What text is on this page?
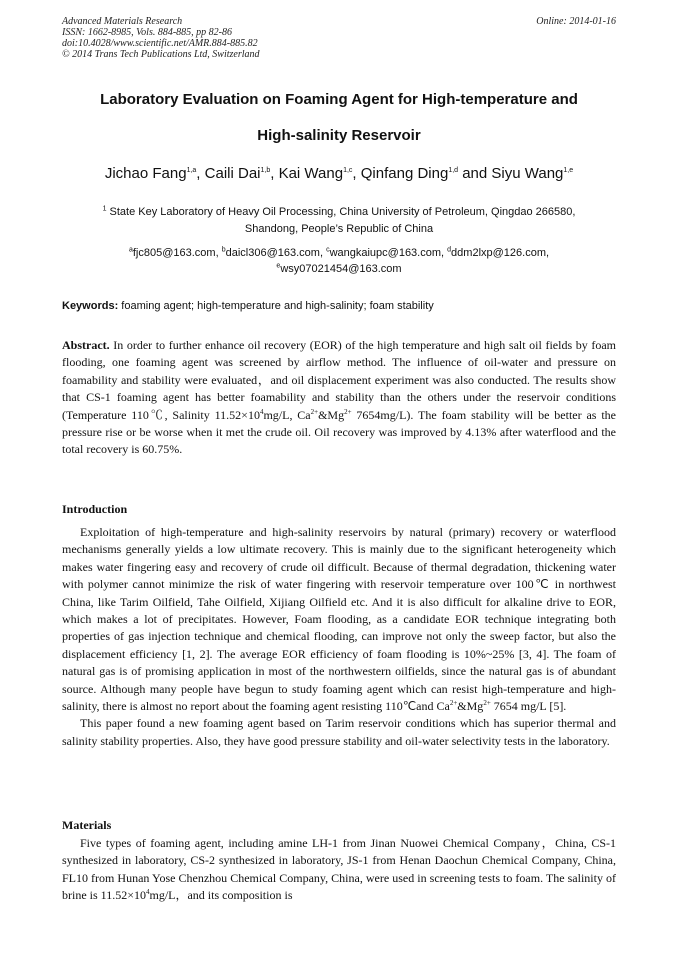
Advanced Materials Research
ISSN: 1662-8985, Vols. 884-885, pp 82-86
doi:10.4028/www.scientific.net/AMR.884-885.82
© 2014 Trans Tech Publications Ltd, Switzerland
Online: 2014-01-16
Laboratory Evaluation on Foaming Agent for High-temperature and
High-salinity Reservoir
Jichao Fang$^{1,a}$, Caili Dai$^{1,b}$, Kai Wang$^{1,c}$, Qinfang Ding$^{1,d}$ and Siyu Wang$^{1,e}$
$^1$ State Key Laboratory of Heavy Oil Processing, China University of Petroleum, Qingdao 266580,
Shandong, People’s Republic of China
$^a$fjc805@163.com, $^b$daicl306@163.com, $^c$wangkaiupc@163.com, $^d$ddm2lxp@126.com,
$^e$wsy07021454@163.com
Keywords: foaming agent; high-temperature and high-salinity; foam stability

Abstract. In order to further enhance oil recovery (EOR) of the high temperature and high salt oil fields by foam flooding, one foaming agent was screened by airflow method. The influence of oil-water and pressure on foamability and stability were evaluated，and oil displacement experiment was also conducted. The results show that CS-1 foaming agent has better foamability and stability than the others under the reservoir conditions (Temperature 110℃, Salinity $11.52\times 10^4mg/L$, $Ca^{2+}\&Mg^{2+}$ 7654mg/L). The foam stability will be better as the pressure rise or be worse when it met the crude oil. Oil recovery was improved by 4.13% after waterflood and the total recovery is 60.75%.

Introduction

Exploitation of high-temperature and high-salinity reservoirs by natural (primary) recovery or waterflood mechanisms generally yields a low ultimate recovery. This is mainly due to the significant heterogeneity which makes water fingering easy and recovery of crude oil difficult. Because of thermal degradation, thickening water with polymer cannot minimize the risk of water fingering with reservoir temperature over 100℃ in northwest China, like Tarim Oilfield, Tahe Oilfield, Xijiang Oilfield etc. And it is also difficult for alkaline drive to EOR, which makes a lot of precipitates. However, Foam flooding, as a candidate EOR technique integrating both properties of gas injection technique and chemical flooding, can improve not only the sweep factor, but also the displacement efficiency [1, 2]. The average EOR efficiency of foam flooding is 10%~25% [3, 4]. The foam of natural gas is of promising application in most of the northwestern oilfields, since the natural gas is of abundant source. Although many people have begun to study foaming agent which can resist high-temperature and high-salinity, there is almost no report about the foaming agent resisting 110℃and $Ca^{2+}\&Mg^{2+}$ 7654 mg/L [5].

This paper found a new foaming agent based on Tarim reservoir conditions which has superior thermal and salinity stability properties. Also, they have good pressure stability and oil-water selectivity tests in the laboratory.

Materials

Five types of foaming agent, including amine LH-1 from Jinan Nuowei Chemical Company，China, CS-1 synthesized in laboratory, CS-2 synthesized in laboratory, JS-1 from Henan Daochun Chemical Company, China, FL10 from Hunan Yose Chenzhou Chemical Company, China, were used in screening tests to foam. The salinity of brine is $11.52\times 10^4mg/L$，and its composition is
